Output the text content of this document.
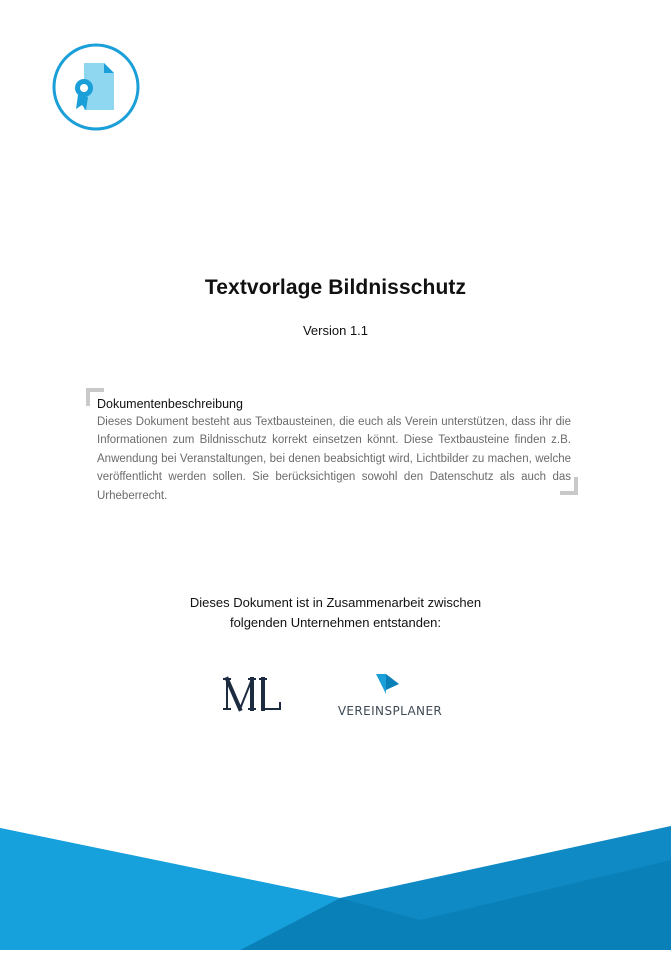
Textvorlage Bildnisschutz
Version 1.1
Dokumentenbeschreibung

Dieses Dokument besteht aus Textbausteinen, die euch als Verein unterstützen, dass ihr die Informationen zum Bildnisschutz korrekt einsetzen könnt. Diese Textbausteine finden z.B. Anwendung bei Veranstaltungen, bei denen beabsichtigt wird, Lichtbilder zu machen, welche veröffentlicht werden sollen. Sie berücksichtigen sowohl den Datenschutz als auch das Urheberrecht.

Dieses Dokument ist in Zusammenarbeit zwischen
folgenden Unternehmen entstanden:
VEREINSPLANER
